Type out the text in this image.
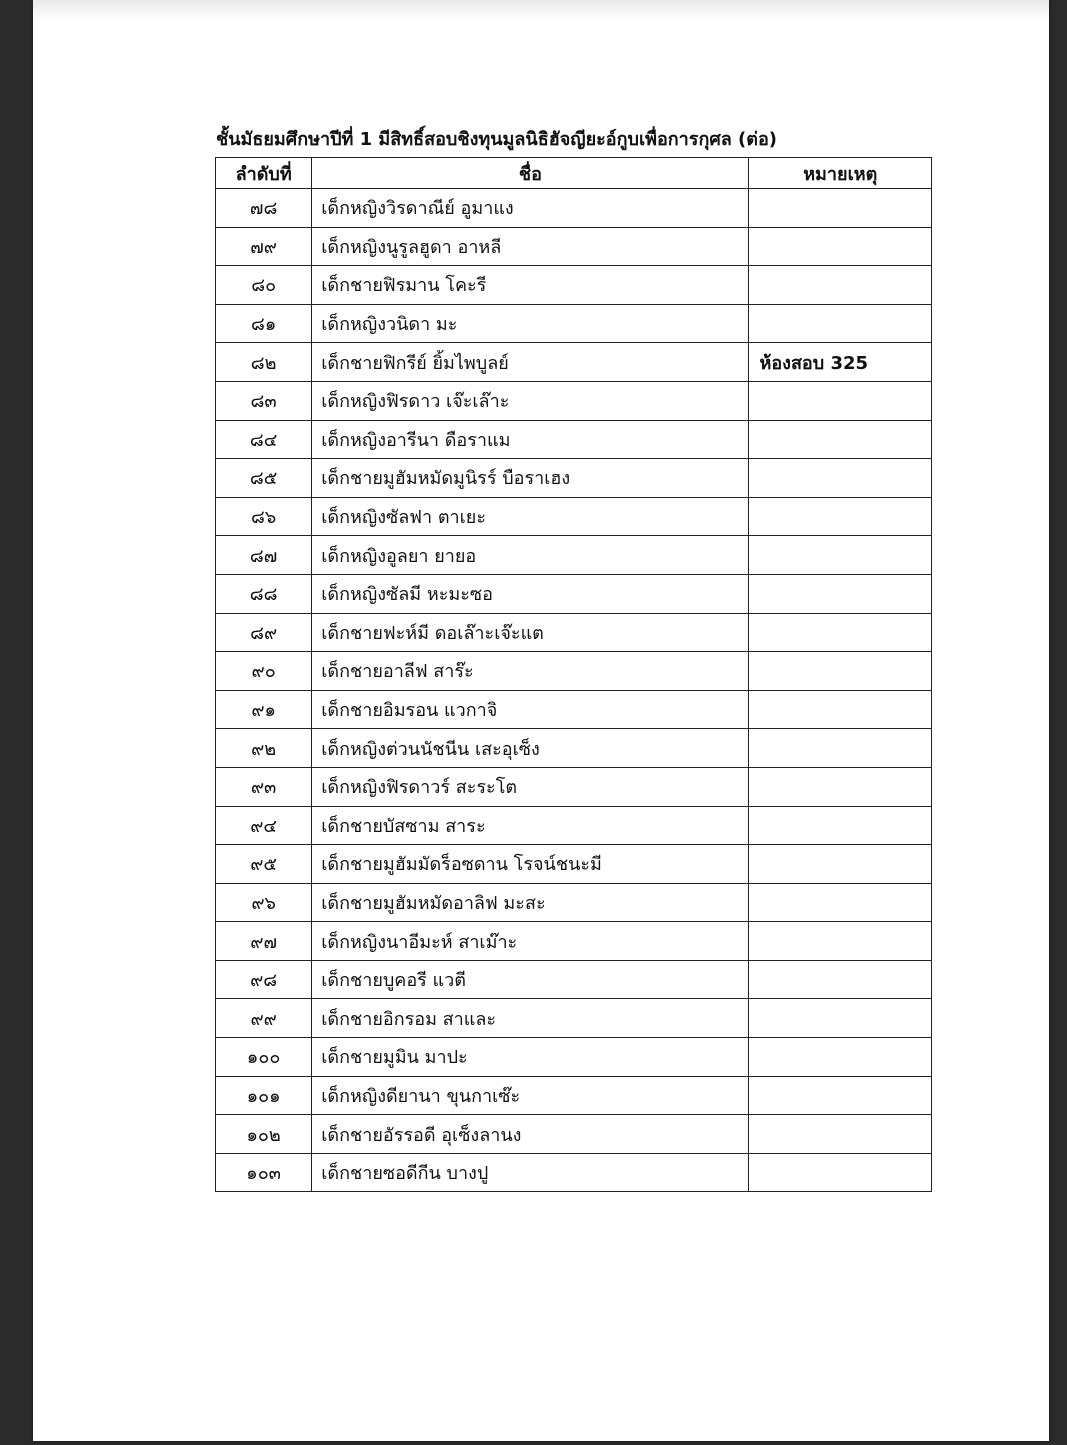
ชั้นมัธยมศึกษาปีที่ 1 มีสิทธิ์สอบชิงทุนมูลนิธิฮัจญียะอ์กูบเพื่อการกุศล (ต่อ)
ลำดับที่	ชื่อ	หมายเหตุ
๗๘	เด็กหญิงวิรดาณีย์ อูมาแง	
๗๙	เด็กหญิงนูรูลฮูดา อาหลี	
๘๐	เด็กชายฟิรมาน โคะรี	
๘๑	เด็กหญิงวนิดา มะ	
๘๒	เด็กชายฟิกรีย์ ยิ้มไพบูลย์	ห้องสอบ 325
๘๓	เด็กหญิงฟิรดาว เจ๊ะเล๊าะ	
๘๔	เด็กหญิงอารีนา ดือราแม	
๘๕	เด็กชายมูฮัมหมัดมูนิรร์ บือราเฮง	
๘๖	เด็กหญิงซัลฟา ตาเยะ	
๘๗	เด็กหญิงอูลยา ยายอ	
๘๘	เด็กหญิงซัลมี หะมะซอ	
๘๙	เด็กชายฟะห์มี ดอเล๊าะเจ๊ะแต	
๙๐	เด็กชายอาลีฟ สาร๊ะ	
๙๑	เด็กชายอิมรอน แวกาจิ	
๙๒	เด็กหญิงต่วนนัชนีน เสะอุเซ็ง	
๙๓	เด็กหญิงฟิรดาวร์ สะระโต	
๙๔	เด็กชายบัสซาม สาระ	
๙๕	เด็กชายมูฮัมมัดร็อซดาน โรจน์ชนะมี	
๙๖	เด็กชายมูฮัมหมัดอาลิฟ มะสะ	
๙๗	เด็กหญิงนาอีมะห์ สาเม๊าะ	
๙๘	เด็กชายบูคอรี แวตี	
๙๙	เด็กชายอิกรอม สาและ	
๑๐๐	เด็กชายมูมิน มาปะ	
๑๐๑	เด็กหญิงดียานา ขุนกาเซ๊ะ	
๑๐๒	เด็กชายอัรรอดี อุเซ็งลานง	
๑๐๓	เด็กชายซอดีกีน บางปู	
